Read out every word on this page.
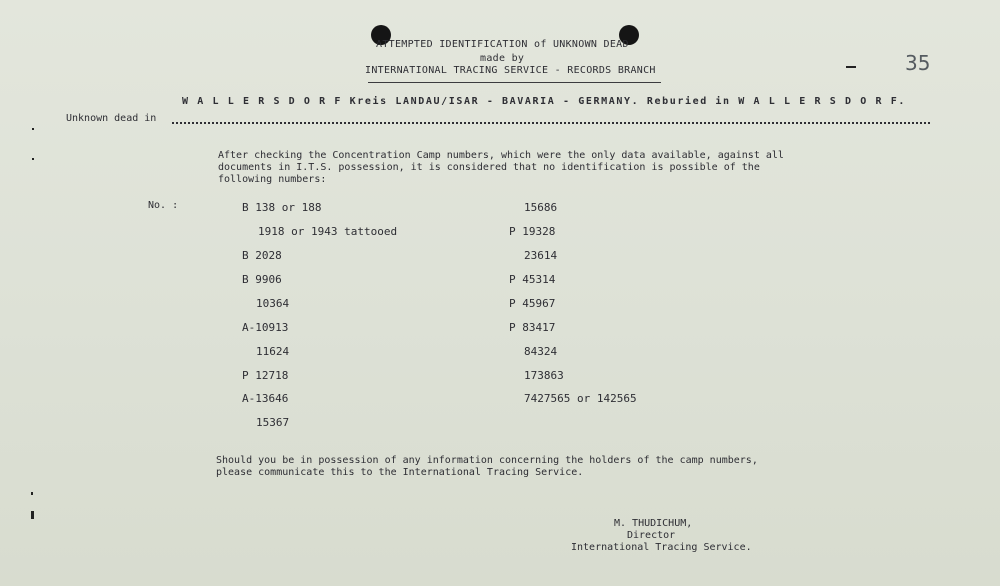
ATTEMPTED IDENTIFICATION of UNKNOWN DEAD
made by
INTERNATIONAL TRACING SERVICE - RECORDS BRANCH	35
W A L L E R S D O R F Kreis LANDAU/ISAR - BAVARIA - GERMANY. Reburied in W A L L E R S D O R F.
Unknown dead in
After checking the Concentration Camp numbers, which were the only data available, against all
documents in I.T.S. possession, it is considered that no identification is possible of the
following numbers:
No. :	B 138 or 188
1918 or 1943 tattooed
B 2028
B 9906
10364
A-10913
11624
P 12718
A-13646
15367
15686
P 19328
23614
P 45314
P 45967
P 83417
84324
173863
7427565 or 142565
Should you be in possession of any information concerning the holders of the camp numbers,
please communicate this to the International Tracing Service.
M. THUDICHUM,
Director
International Tracing Service.
